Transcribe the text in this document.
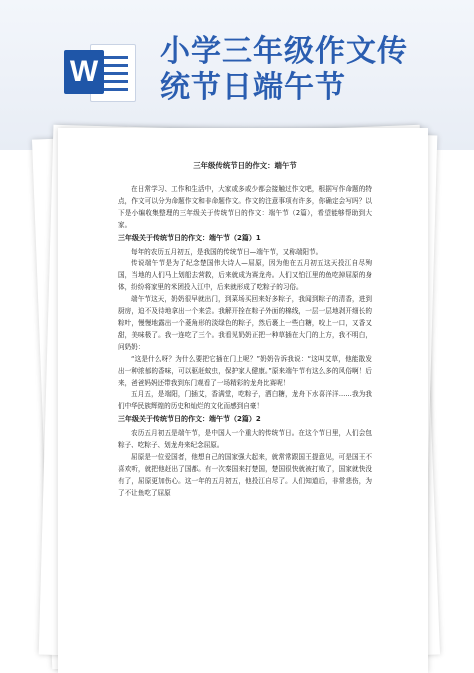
W
小学三年级作文传
统节日端午节
三年级传统节日的作文：端午节

在日常学习、工作和生活中，大家或多或少都会接触过作文吧，根据写作命题的特点，作文可以分为命题作文和非命题作文。作文的注意事项有许多，你确定会写吗？以下是小编收集整理的三年级关于传统节日的作文：端午节（2篇），希望能够帮助到大家。

三年级关于传统节日的作文：端午节（2篇）1

每年的农历五月初五，是我国的传统节日—端午节，又称端阳节。

传说端午节是为了纪念楚国伟大诗人—屈原，因为他在五月初五这天投江自尽殉国，当地的人们马上划船去营救，后来就成为赛龙舟。人们又怕江里的鱼吃掉屈原的身体，纷纷将家里的米团投入江中，后来就形成了吃粽子的习俗。

端午节这天，奶奶很早就出门，到菜场买回来好多粽子，我闻到粽子的清香，进到厨房，迫不及待地拿出一个来尝。我解开拴在粽子外面的棉线，一层一层地剥开细长的粽叶，慢慢地露出一个菱角形的淡绿色的粽子，然后裹上一些白糖，咬上一口，又香又甜，美味极了。我一连吃了三个。我看见奶奶正把一种草插在大门的上方，我不明白，问奶奶：

“这是什么呀？为什么要把它插在门上呢？”奶奶告诉我说：“这叫艾草，他能散发出一种浓郁的香味，可以驱赶蚊虫，保护家人健康。”原来端午节有这么多的风俗啊！后来，爸爸妈妈还带我到东门观看了一场精彩的龙舟比赛呢！

五月五，是端阳，门插艾，香满堂，吃粽子，洒白糖，龙舟下水喜洋洋……我为我们中华民族辉煌的历史和灿烂的文化而感到自豪！

三年级关于传统节日的作文：端午节（2篇）2

农历五月初五是端午节，是中国人一个重大的传统节日。在这个节日里，人们会包粽子、吃粽子、划龙舟来纪念屈原。

屈原是一位爱国者，他想自己的国家强大起来，就常常跟国王提意见，可是国王不喜欢听，就把他赶出了国都。有一次秦国来打楚国，楚国很快就被打败了，国家就快没有了，屈原更加伤心。这一年的五月初五，他投江自尽了。人们知道后，非常悲伤，为了不让鱼吃了屈原
